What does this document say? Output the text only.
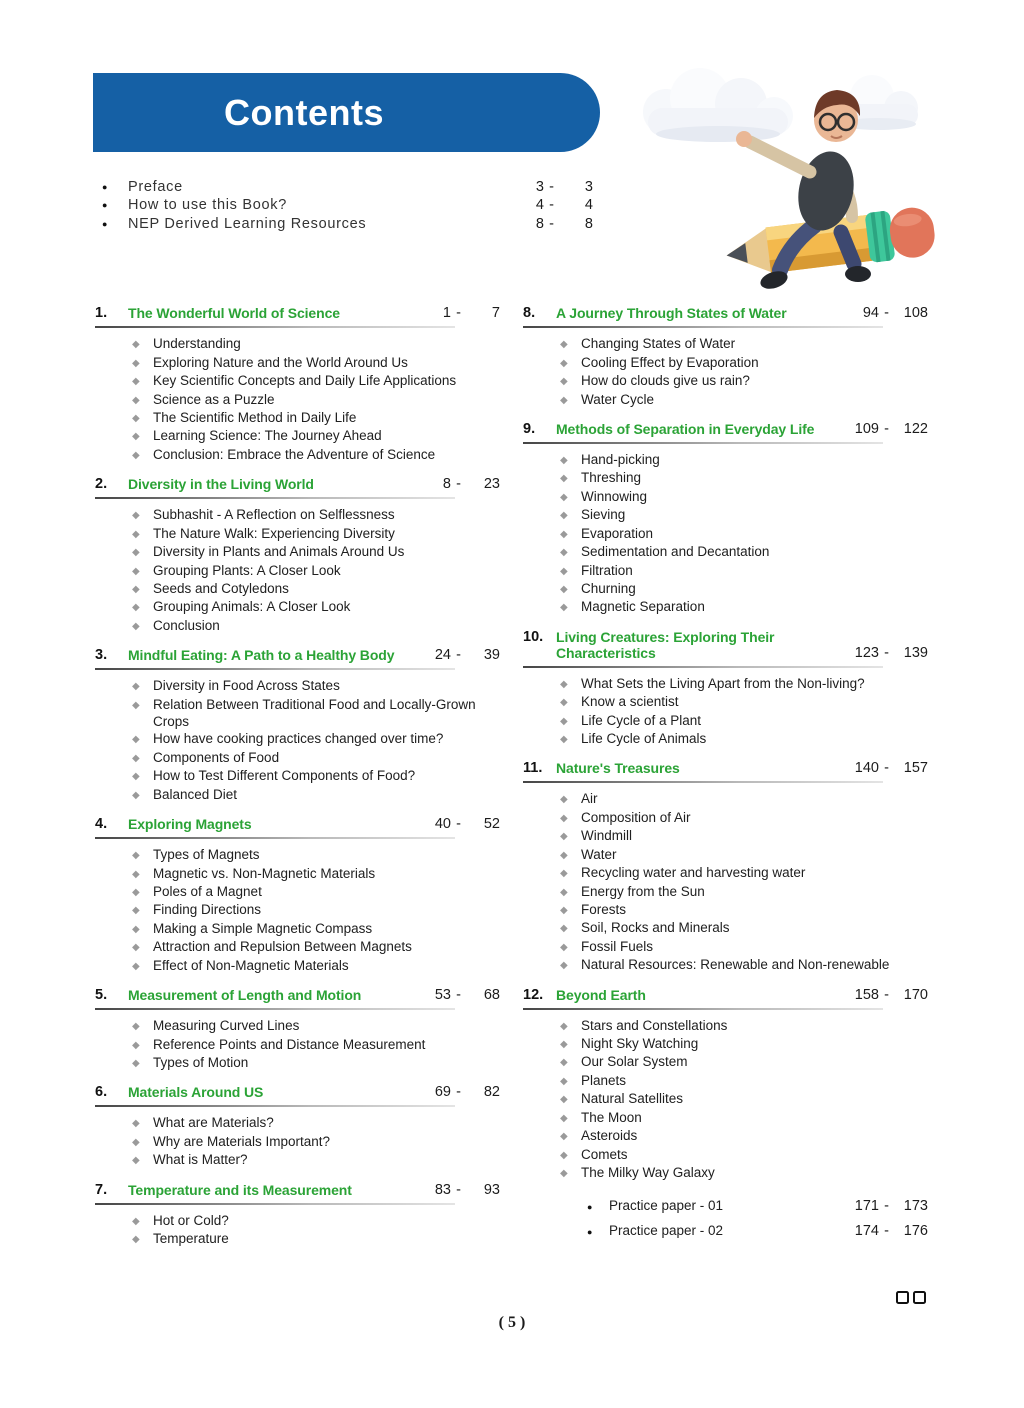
Contents
●	Preface	3 -	3
●	How to use this Book?	4 -	4
●	NEP Derived Learning Resources	8 -	8
1.	The Wonderful World of Science	1 -	7
◆ Understanding
◆ Exploring Nature and the World Around Us
◆ Key Scientific Concepts and Daily Life Applications
◆ Science as a Puzzle
◆ The Scientific Method in Daily Life
◆ Learning Science: The Journey Ahead
◆ Conclusion: Embrace the Adventure of Science
2.	Diversity in the Living World	8 -	23
◆ Subhashit - A Reflection on Selflessness
◆ The Nature Walk: Experiencing Diversity
◆ Diversity in Plants and Animals Around Us
◆ Grouping Plants: A Closer Look
◆ Seeds and Cotyledons
◆ Grouping Animals: A Closer Look
◆ Conclusion
3.	Mindful Eating: A Path to a Healthy Body	24 -	39
◆ Diversity in Food Across States
◆ Relation Between Traditional Food and Locally-Grown Crops
◆ How have cooking practices changed over time?
◆ Components of Food
◆ How to Test Different Components of Food?
◆ Balanced Diet
4.	Exploring Magnets	40 -	52
◆ Types of Magnets
◆ Magnetic vs. Non-Magnetic Materials
◆ Poles of a Magnet
◆ Finding Directions
◆ Making a Simple Magnetic Compass
◆ Attraction and Repulsion Between Magnets
◆ Effect of Non-Magnetic Materials
5.	Measurement of Length and Motion	53 -	68
◆ Measuring Curved Lines
◆ Reference Points and Distance Measurement
◆ Types of Motion
6.	Materials Around US	69 -	82
◆ What are Materials?
◆ Why are Materials Important?
◆ What is Matter?
7.	Temperature and its Measurement	83 -	93
◆ Hot or Cold?
◆ Temperature
8.	A Journey Through States of Water	94 -	108
◆ Changing States of Water
◆ Cooling Effect by Evaporation
◆ How do clouds give us rain?
◆ Water Cycle
9.	Methods of Separation in Everyday Life	109 -	122
◆ Hand-picking
◆ Threshing
◆ Winnowing
◆ Sieving
◆ Evaporation
◆ Sedimentation and Decantation
◆ Filtration
◆ Churning
◆ Magnetic Separation
10. Living Creatures: Exploring Their Characteristics	123 -	139
◆ What Sets the Living Apart from the Non-living?
◆ Know a scientist
◆ Life Cycle of a Plant
◆ Life Cycle of Animals
11. Nature's Treasures	140 -	157
◆ Air
◆ Composition of Air
◆ Windmill
◆ Water
◆ Recycling water and harvesting water
◆ Energy from the Sun
◆ Forests
◆ Soil, Rocks and Minerals
◆ Fossil Fuels
◆ Natural Resources: Renewable and Non-renewable
12. Beyond Earth	158 -	170
◆ Stars and Constellations
◆ Night Sky Watching
◆ Our Solar System
◆ Planets
◆ Natural Satellites
◆ The Moon
◆ Asteroids
◆ Comets
◆ The Milky Way Galaxy
●	Practice paper - 01	171 -	173
●	Practice paper - 02	174 -	176
( 5 )
